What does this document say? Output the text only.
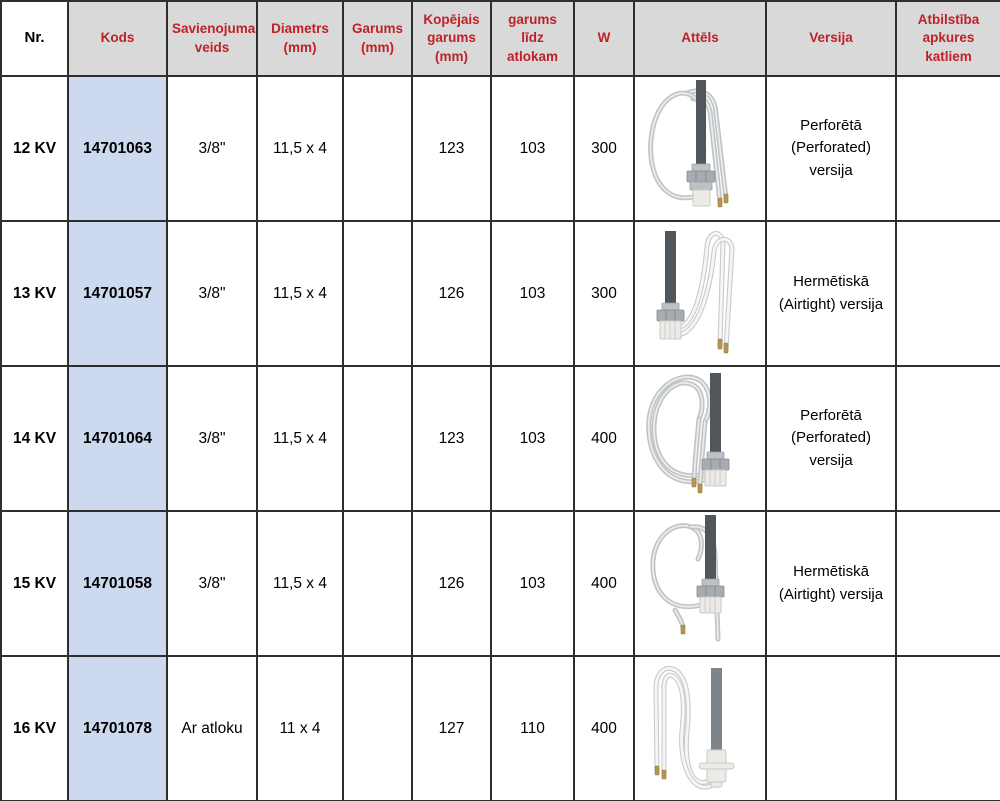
Nr.	Kods	Savienojuma veids	Diametrs (mm)	Garums (mm)	Kopējais garums (mm)	garums līdz atlokam	W	Attēls	Versija	Atbilstība apkures katliem
12 KV	14701063	3/8"	11,5 x 4		123	103	300		Perforētā (Perforated) versija	
13 KV	14701057	3/8"	11,5 x 4		126	103	300		Hermētiskā (Airtight) versija	
14 KV	14701064	3/8"	11,5 x 4		123	103	400		Perforētā (Perforated) versija	
15 KV	14701058	3/8"	11,5 x 4		126	103	400		Hermētiskā (Airtight) versija	
16 KV	14701078	Ar atloku	11 x 4		127	110	400	
